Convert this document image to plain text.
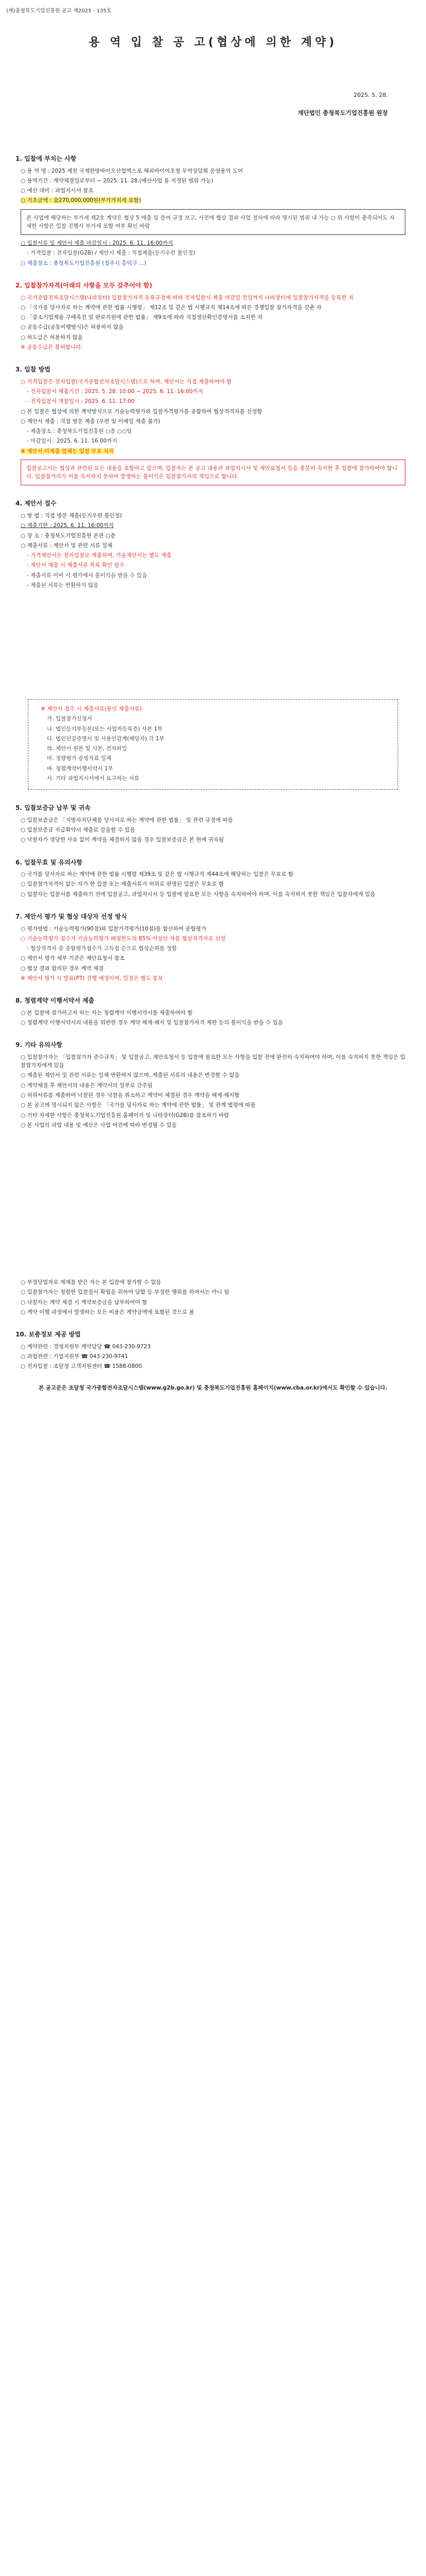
(재)충청북도기업진흥원 공고 제2025 - 135호
용 역 입 찰 공 고(협상에 의한 계약)
2025. 5. 28.
재단법인 충청북도기업진흥원 원장
1. 입찰에 부치는 사항
○ 용 역 명 : 2025 제천 국제한방바이오산업엑스포 해외바이어초청 무역상담회 운영용역 도어
○ 용역기간 : 계약체결일로부터 ~ 2025. 11. 28.(예산사업 통 지정된 범위 가능)
○ 예산 대비 : 과업지시서 참조
○ 기초금액 : 金270,000,000원(부가가치세 포함)
본 사업에 해당하는 부가세 제2호 계약은 협상 5 매출 및 증여 규정 보고, 사전에 협상 결과 사업 절차에 따라 명시된 범위 내 가능 ○ 위 사항이 충족되어도 자세한 사항은 입찰 진행시 부가세 포함 여부 확인 바람
○ 입찰서류 및 제안서 제출 마감일시 : 2025. 6. 11. 16:00까지
- 가격입찰 : 전자입찰(G2B) / 제안서 제출 : 직접제출(등기우편 불인정)
○ 제출장소 : 충청북도기업진흥원 (청주시 흥덕구 ...)
2. 입찰참가자격(아래의 사항을 모두 갖추어야 함)
○ 국가종합전자조달시스템(나라장터) 입찰참가자격 등록규정에 따라 전자입찰서 제출 마감일 전일까지 나라장터에 입찰참가자격을 등록한 자
○ 「국가를 당사자로 하는 계약에 관한 법률 시행령」 제12조 및 같은 법 시행규칙 제14조에 따른 경쟁입찰 참가자격을 갖춘 자
○ 「중소기업제품 구매촉진 및 판로지원에 관한 법률」 제9조에 따라 직접생산확인증명서를 소지한 자
○ 공동수급(공동이행방식)은 허용하지 않음
○ 하도급은 허용하지 않음
※ 공동수급은 불허합니다.
3. 입찰 방법
○ 가격입찰은 전자입찰(국가종합전자조달시스템)으로 하며, 제안서는 직접 제출하여야 함
- 전자입찰서 제출기간 : 2025. 5. 28. 10:00 ~ 2025. 6. 11. 16:00까지
- 전자입찰서 개찰일시 : 2025. 6. 11. 17:00
○ 본 입찰은 협상에 의한 계약방식으로 기술능력평가와 입찰가격평가를 종합하여 협상적격자를 선정함
○ 제안서 제출 : 직접 방문 제출 (우편 및 이메일 제출 불가)
- 제출장소 : 충청북도기업진흥원 ○층 ○○팀
- 마감일시 : 2025. 6. 11. 16:00까지
※ 제안서 미제출 업체는 입찰 무효 처리
입찰공고서는 협상과 관련된 모든 내용을 포함하고 있으며, 입찰자는 본 공고 내용과 과업지시서 및 제안요청서 등을 충분히 숙지한 후 입찰에 참가하여야 합니다. 입찰참가자가 이를 숙지하지 못하여 발생하는 불이익은 입찰참가자의 책임으로 합니다.
4. 제안서 접수
○ 방 법 : 직접 방문 제출(등기우편 불인정)
○ 제출기한 : 2025. 6. 11. 16:00까지
○ 장 소 : 충청북도기업진흥원 본관 ○층
○ 제출서류 : 제안서 및 관련 서류 일체
- 가격제안서는 전자입찰로 제출하며, 기술제안서는 별도 제출
- 제안서 제출 시 제출서류 목록 확인 필수
- 제출서류 미비 시 평가에서 불이익을 받을 수 있음
- 제출된 서류는 반환하지 않음
※ 제안서 접수 시 제출서류(봉인 제출서류)
가. 입찰참가신청서
나. 법인등기부등본(또는 사업자등록증) 사본 1부
다. 법인인감증명서 및 사용인감계(해당자) 각 1부
라. 제안서 원본 및 사본, 전자파일
마. 정량평가 증빙자료 일체
바. 청렴계약이행서약서 1부
사. 기타 과업지시서에서 요구하는 서류
5. 입찰보증금 납부 및 귀속
○ 입찰보증금은 「지방자치단체를 당사자로 하는 계약에 관한 법률」 및 관련 규정에 따름
○ 입찰보증금 지급확약서 제출로 갈음할 수 있음
○ 낙찰자가 정당한 사유 없이 계약을 체결하지 않을 경우 입찰보증금은 본 원에 귀속됨
6. 입찰무효 및 유의사항
○ 국가를 당사자로 하는 계약에 관한 법률 시행령 제39조 및 같은 법 시행규칙 제44조에 해당하는 입찰은 무효로 함
○ 입찰참가자격이 없는 자가 한 입찰 또는 제출서류가 허위로 판명된 입찰은 무효로 함
○ 입찰자는 입찰서를 제출하기 전에 입찰공고, 과업지시서 등 입찰에 필요한 모든 사항을 숙지하여야 하며, 이를 숙지하지 못한 책임은 입찰자에게 있음
7. 제안서 평가 및 협상 대상자 선정 방식
○ 평가방법 : 기술능력평가(90점)와 입찰가격평가(10점)를 합산하여 종합평가
○ 기술능력평가 점수가 기술능력평가 배점한도의 85% 이상인 자를 협상적격자로 선정
- 협상적격자 중 종합평가점수가 고득점 순으로 협상순위를 정함
○ 제안서 평가 세부 기준은 제안요청서 참조
○ 협상 결과 합의된 경우 계약 체결
※ 제안서 평가 시 발표(PT) 진행 예정이며, 일정은 별도 통보
8. 청렴계약 이행서약서 제출
○ 본 입찰에 참가하고자 하는 자는 청렴계약 이행서약서를 제출하여야 함
○ 청렴계약 이행서약서의 내용을 위반한 경우 계약 해제·해지 및 입찰참가자격 제한 등의 불이익을 받을 수 있음
9. 기타 유의사항
○ 입찰참가자는 「입찰참가자 준수규칙」 및 입찰공고, 제안요청서 등 입찰에 필요한 모든 사항을 입찰 전에 완전히 숙지하여야 하며, 이를 숙지하지 못한 책임은 입찰참가자에게 있음
○ 제출된 제안서 및 관련 서류는 일체 반환하지 않으며, 제출된 서류의 내용은 변경할 수 없음
○ 계약체결 후 제안서의 내용은 계약서의 일부로 간주됨
○ 허위서류를 제출하여 낙찰된 경우 낙찰을 취소하고 계약이 체결된 경우 계약을 해제·해지함
○ 본 공고에 명시되지 않은 사항은 「국가를 당사자로 하는 계약에 관한 법률」 및 관계 법령에 따름
○ 기타 자세한 사항은 충청북도기업진흥원 홈페이지 및 나라장터(G2B)를 참조하기 바람
○ 본 사업의 과업 내용 및 예산은 사업 여건에 따라 변경될 수 있음
○ 부정당업자로 제재를 받은 자는 본 입찰에 참가할 수 없음
○ 입찰참가자는 청렴한 입찰질서 확립을 위하여 담합 등 부정한 행위를 하여서는 아니 됨
○ 낙찰자는 계약 체결 시 계약보증금을 납부하여야 함
○ 계약 이행 과정에서 발생하는 모든 비용은 계약금액에 포함된 것으로 봄
10. 보충정보 제공 방법
○ 계약관련 : 경영지원부 계약담당 ☎ 043-230-9723
○ 과업관련 : 기업지원부 ☎ 043-230-9741
○ 전자입찰 : 조달청 고객지원센터 ☎ 1588-0800
본 공고문은 조달청 국가종합전자조달시스템(www.g2b.go.kr) 및 충청북도기업진흥원 홈페이지(www.cba.or.kr)에서도 확인할 수 있습니다.
